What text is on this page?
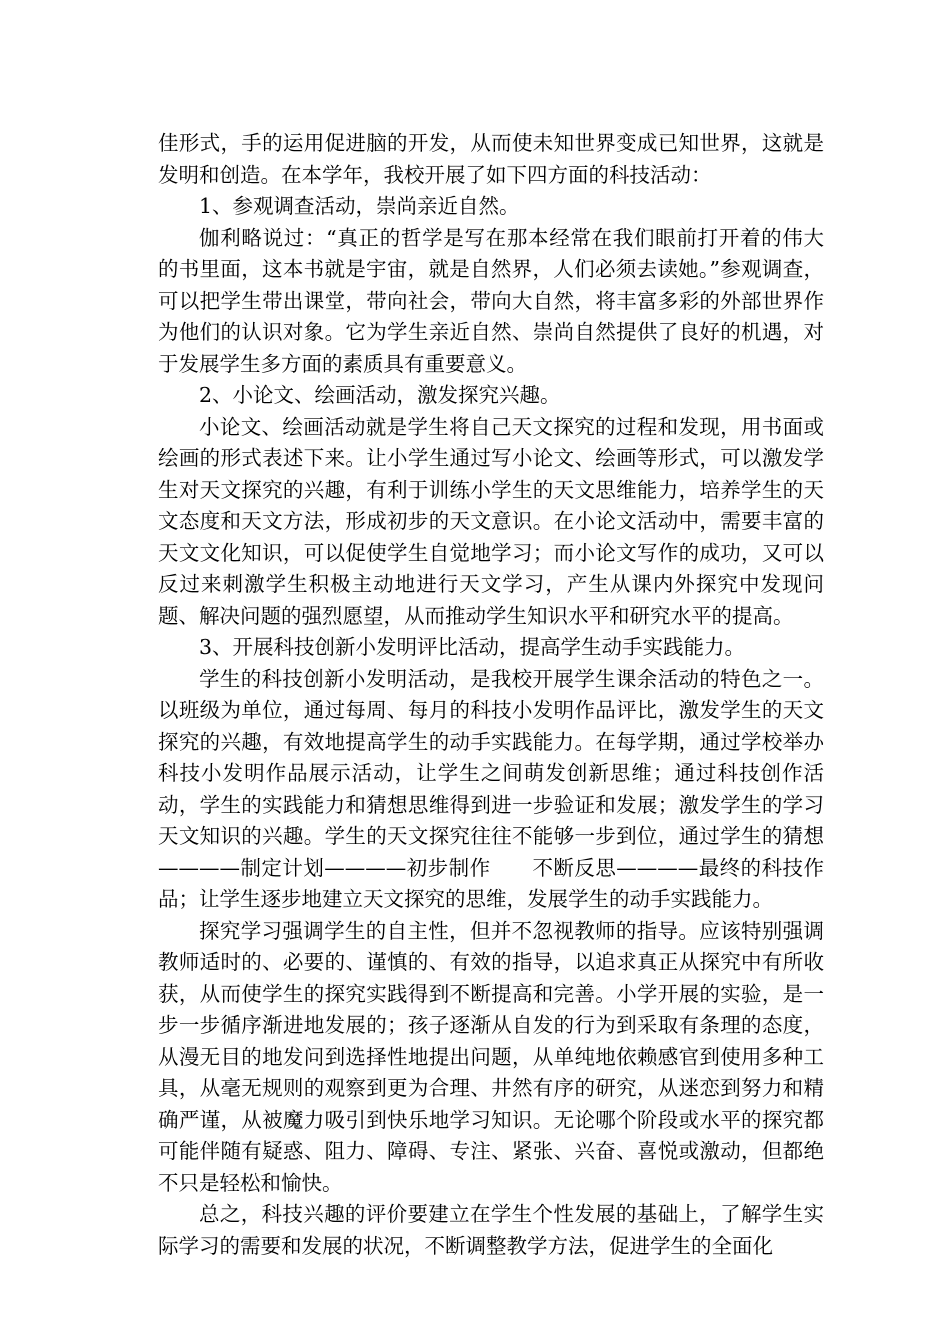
佳形式，手的运用促进脑的开发，从而使未知世界变成已知世界，这就是发明和创造。在本学年，我校开展了如下四方面的科技活动：

1、参观调查活动，崇尚亲近自然。

伽利略说过：“真正的哲学是写在那本经常在我们眼前打开着的伟大的书里面，这本书就是宇宙，就是自然界，人们必须去读她。”参观调查，可以把学生带出课堂，带向社会，带向大自然，将丰富多彩的外部世界作为他们的认识对象。它为学生亲近自然、崇尚自然提供了良好的机遇，对于发展学生多方面的素质具有重要意义。

2、小论文、绘画活动，激发探究兴趣。

小论文、绘画活动就是学生将自己天文探究的过程和发现，用书面或绘画的形式表述下来。让小学生通过写小论文、绘画等形式，可以激发学生对天文探究的兴趣，有利于训练小学生的天文思维能力，培养学生的天文态度和天文方法，形成初步的天文意识。在小论文活动中，需要丰富的天文文化知识，可以促使学生自觉地学习；而小论文写作的成功，又可以反过来刺激学生积极主动地进行天文学习，产生从课内外探究中发现问题、解决问题的强烈愿望，从而推动学生知识水平和研究水平的提高。

3、开展科技创新小发明评比活动，提高学生动手实践能力。

学生的科技创新小发明活动，是我校开展学生课余活动的特色之一。以班级为单位，通过每周、每月的科技小发明作品评比，激发学生的天文探究的兴趣，有效地提高学生的动手实践能力。在每学期，通过学校举办科技小发明作品展示活动，让学生之间萌发创新思维；通过科技创作活动，学生的实践能力和猜想思维得到进一步验证和发展；激发学生的学习天文知识的兴趣。学生的天文探究往往不能够一步到位，通过学生的猜想————制定计划————初步制作　　不断反思————最终的科技作品；让学生逐步地建立天文探究的思维，发展学生的动手实践能力。

探究学习强调学生的自主性，但并不忽视教师的指导。应该特别强调教师适时的、必要的、谨慎的、有效的指导，以追求真正从探究中有所收获，从而使学生的探究实践得到不断提高和完善。小学开展的实验，是一步一步循序渐进地发展的；孩子逐渐从自发的行为到采取有条理的态度，从漫无目的地发问到选择性地提出问题，从单纯地依赖感官到使用多种工具，从毫无规则的观察到更为合理、井然有序的研究，从迷恋到努力和精确严谨，从被魔力吸引到快乐地学习知识。无论哪个阶段或水平的探究都可能伴随有疑惑、阻力、障碍、专注、紧张、兴奋、喜悦或激动，但都绝不只是轻松和愉快。

总之，科技兴趣的评价要建立在学生个性发展的基础上，了解学生实际学习的需要和发展的状况，不断调整教学方法，促进学生的全面化
